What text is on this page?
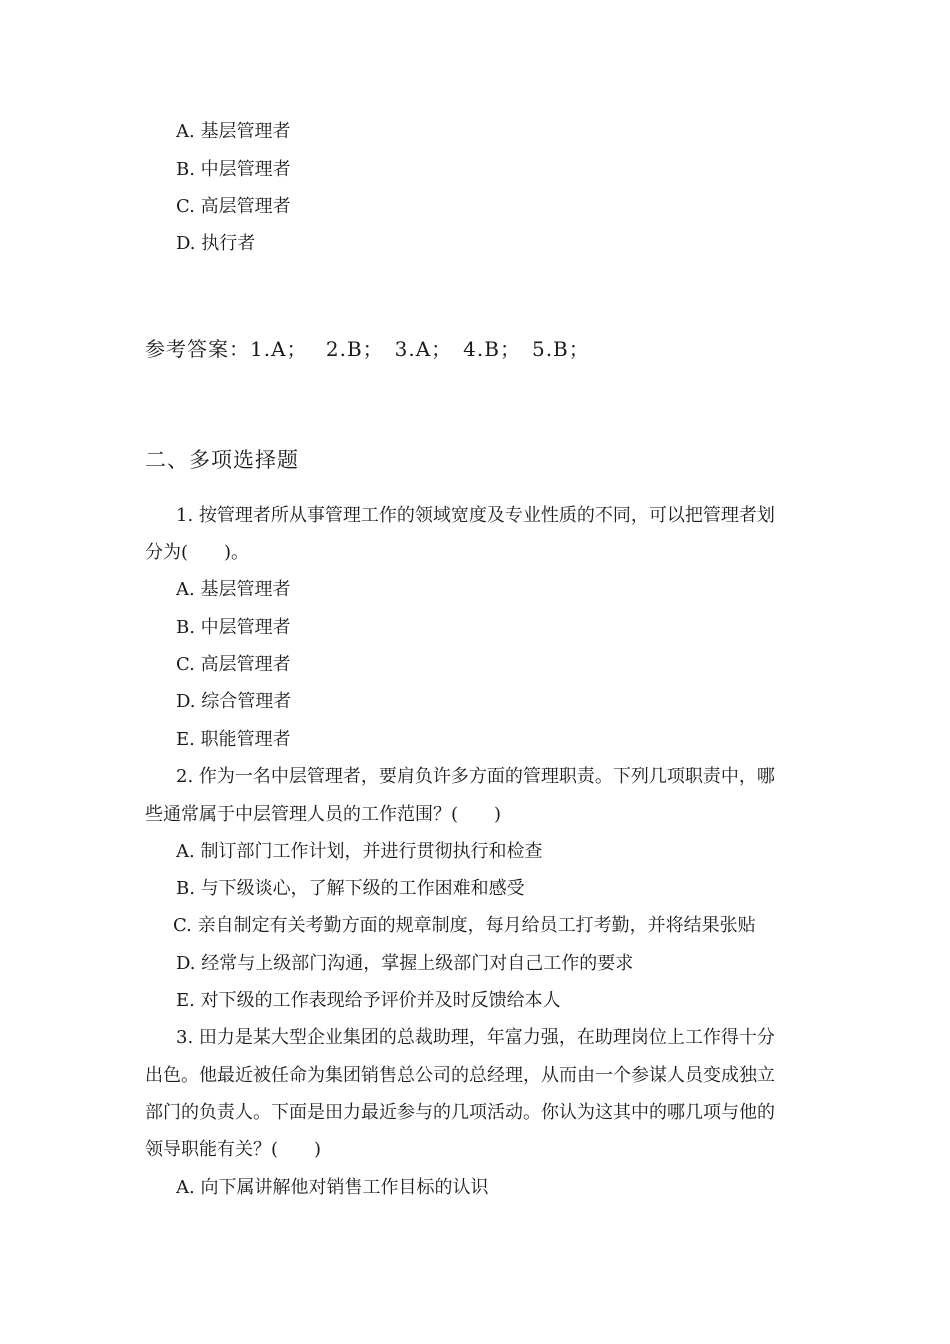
A. 基层管理者
B. 中层管理者
C. 高层管理者
D. 执行者
参考答案：1.A；　 2.B；　3.A；　4.B；　5.B；
二、多项选择题
1. 按管理者所从事管理工作的领域宽度及专业性质的不同，可以把管理者划
分为(　　)。
A. 基层管理者
B. 中层管理者
C. 高层管理者
D. 综合管理者
E. 职能管理者
2. 作为一名中层管理者，要肩负许多方面的管理职责。下列几项职责中，哪
些通常属于中层管理人员的工作范围？(　　)
A. 制订部门工作计划，并进行贯彻执行和检查
B. 与下级谈心，了解下级的工作困难和感受
C. 亲自制定有关考勤方面的规章制度，每月给员工打考勤，并将结果张贴
D. 经常与上级部门沟通，掌握上级部门对自己工作的要求
E. 对下级的工作表现给予评价并及时反馈给本人
3. 田力是某大型企业集团的总裁助理，年富力强，在助理岗位上工作得十分
出色。他最近被任命为集团销售总公司的总经理，从而由一个参谋人员变成独立
部门的负责人。下面是田力最近参与的几项活动。你认为这其中的哪几项与他的
领导职能有关？(　　)
A. 向下属讲解他对销售工作目标的认识
